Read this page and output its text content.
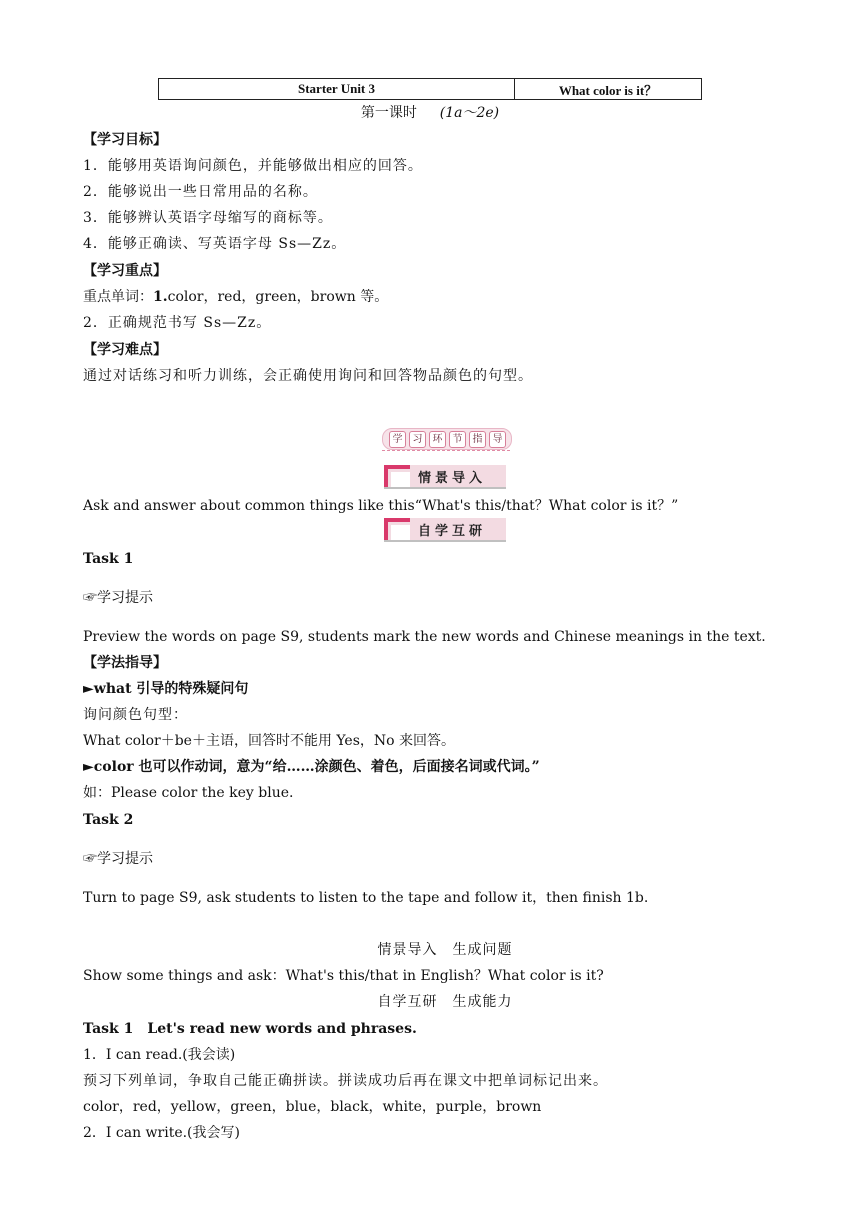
Starter Unit 3	What color is it？
第一课时 (1a～2e)
【学习目标】
1．能够用英语询问颜色，并能够做出相应的回答。
2．能够说出一些日常用品的名称。
3．能够辨认英语字母缩写的商标等。
4．能够正确读、写英语字母 Ss—Zz。
【学习重点】
重点单词：1.color，red，green，brown 等。
2．正确规范书写 Ss—Zz。
【学习难点】
通过对话练习和听力训练，会正确使用询问和回答物品颜色的句型。
学	习	环	节	指	导
情景导入
Ask and answer about common things like this“What's this/that？What color is it？”
自学互研
Task 1
☞学习提示
Preview the words on page S9, students mark the new words and Chinese meanings in the text.
【学法指导】
►what 引导的特殊疑问句
询问颜色句型：
What color＋be＋主语，回答时不能用 Yes，No 来回答。
►color 也可以作动词，意为“给……涂颜色、着色，后面接名词或代词。”
如：Please color the key blue.
Task 2
☞学习提示
Turn to page S9, ask students to listen to the tape and follow it，then finish 1b.
情景导入　生成问题
Show some things and ask：What's this/that in English？What color is it?
自学互研　生成能力
Task 1　Let's read new words and phrases.
1．I can read.(我会读)
预习下列单词，争取自己能正确拼读。拼读成功后再在课文中把单词标记出来。
color，red，yellow，green，blue，black，white，purple，brown
2．I can write.(我会写)
